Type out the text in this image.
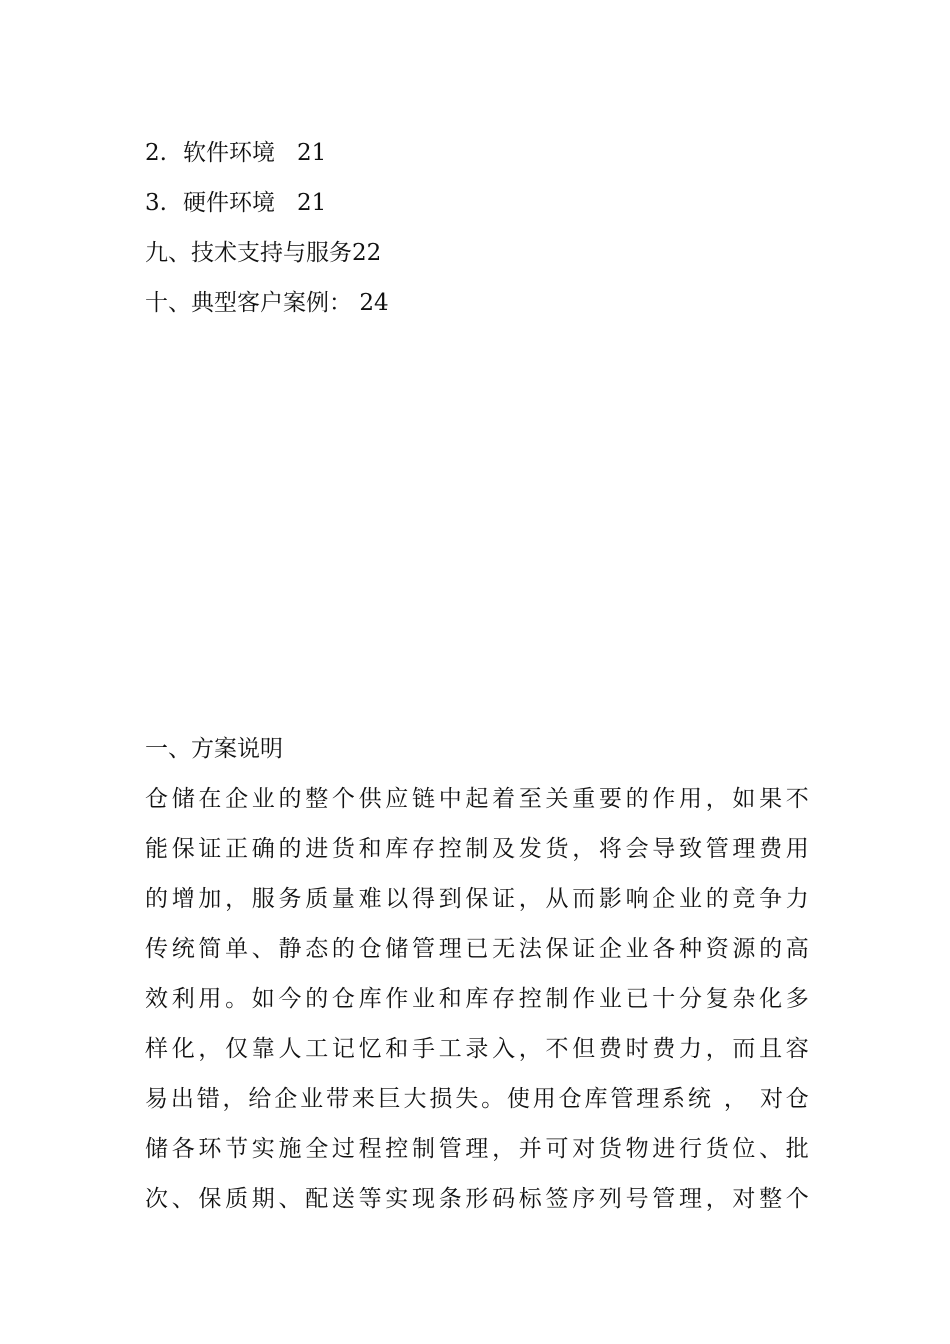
2. 软件环境 21
3. 硬件环境 21
九、技术支持与服务22
十、典型客户案例： 24
一、方案说明
仓储在企业的整个供应链中起着至关重要的作用，如果不
能保证正确的进货和库存控制及发货，将会导致管理费用
的增加，服务质量难以得到保证，从而影响企业的竞争力
传统简单、静态的仓储管理已无法保证企业各种资源的高
效利用。如今的仓库作业和库存控制作业已十分复杂化多
样化，仅靠人工记忆和手工录入，不但费时费力，而且容
易出错，给企业带来巨大损失。使用仓库管理系统 ， 对仓
储各环节实施全过程控制管理，并可对货物进行货位、批
次、保质期、配送等实现条形码标签序列号管理，对整个
